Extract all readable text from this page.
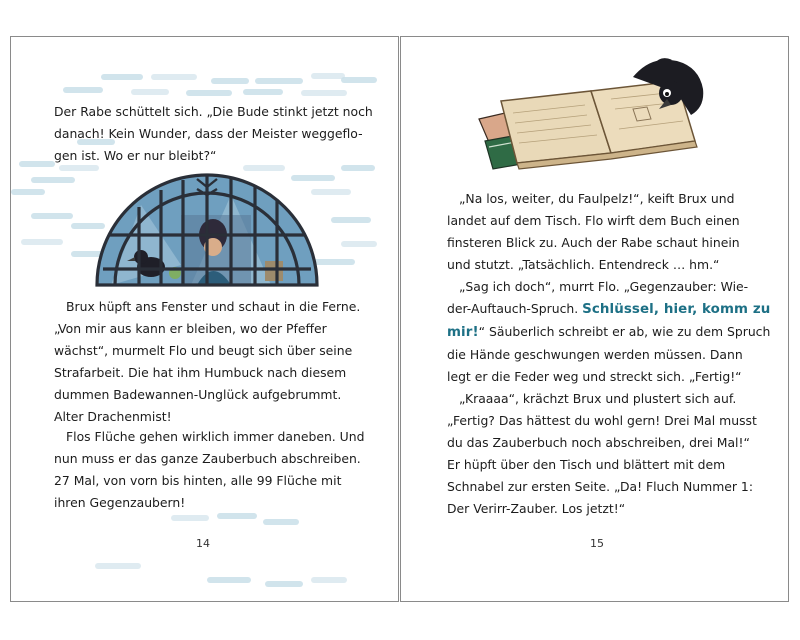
Der Rabe schüttelt sich. „Die Bude stinkt jetzt noch

danach! Kein Wunder, dass der Meister weggeflo-

gen ist. Wo er nur bleibt?“

Brux hüpft ans Fenster und schaut in die Ferne.

„Von mir aus kann er bleiben, wo der Pfeffer

wächst“, murmelt Flo und beugt sich über seine

Strafarbeit. Die hat ihm Humbuck nach diesem

dummen Badewannen-Unglück aufgebrummt.

Alter Drachenmist!

Flos Flüche gehen wirklich immer daneben. Und

nun muss er das ganze Zauberbuch abschreiben.

27 Mal, von vorn bis hinten, alle 99 Flüche mit

ihren Gegenzaubern!

14

„Na los, weiter, du Faulpelz!“, keift Brux und

landet auf dem Tisch. Flo wirft dem Buch einen

finsteren Blick zu. Auch der Rabe schaut hinein

und stutzt. „Tatsächlich. Entendreck … hm.“

„Sag ich doch“, murrt Flo. „Gegenzauber: Wie-

der-Auftauch-Spruch. Schlüssel, hier, komm zu

mir!“ Säuberlich schreibt er ab, wie zu dem Spruch

die Hände geschwungen werden müssen. Dann

legt er die Feder weg und streckt sich. „Fertig!“

„Kraaaa“, krächzt Brux und plustert sich auf.

„Fertig? Das hättest du wohl gern! Drei Mal musst

du das Zauberbuch noch abschreiben, drei Mal!“

Er hüpft über den Tisch und blättert mit dem

Schnabel zur ersten Seite. „Da! Fluch Nummer 1:

Der Verirr-Zauber. Los jetzt!“

15
